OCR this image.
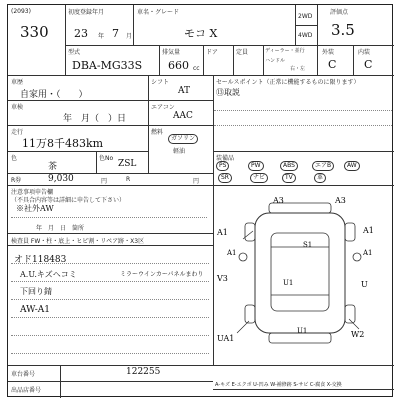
(2093)
330
初度登録年月
23 年 7 月
車名・グレード
モコ X
2WD
4WD
評価点
3.5
型式
DBA-MG33S
排気量
660 cc
ドア	定員	ディーラー・並行
ハンドル
右・左
外装	内装
C	C
車歴
自家用・（　　）
車検
年　月（　）日
走行
11万8千483km
色
茶
色No
ZSL
R券	9,030	円	R	円
シフト
AT
エアコン
AAC
燃料
ガソリン
軽油
注意事項申告欄
（不具合内容等は詳細に申告して下さい）
※社外AW
年　月　日　箇所
セールスポイント（正常に機能するものに限ります）
⑬取説
装備品
検査員 FW・柱・底上・ヒビ割・リペア跡・X3区
オド118483
A.U.キズヘコミ
下回り錆
AW-A1
ミラーウインカーパネルまわり
A3	A3
A1	A1
S1
U1
V3
UA1	W2
U
U1
A1	A1
車台番号	122255
出品店番号
A-キズ E-エクボ U-凹み W-補修跡 S-サビ C-腐食 X-交換
PS	PW	ABS	エアB	AW
SR	ナビ	TV	革
